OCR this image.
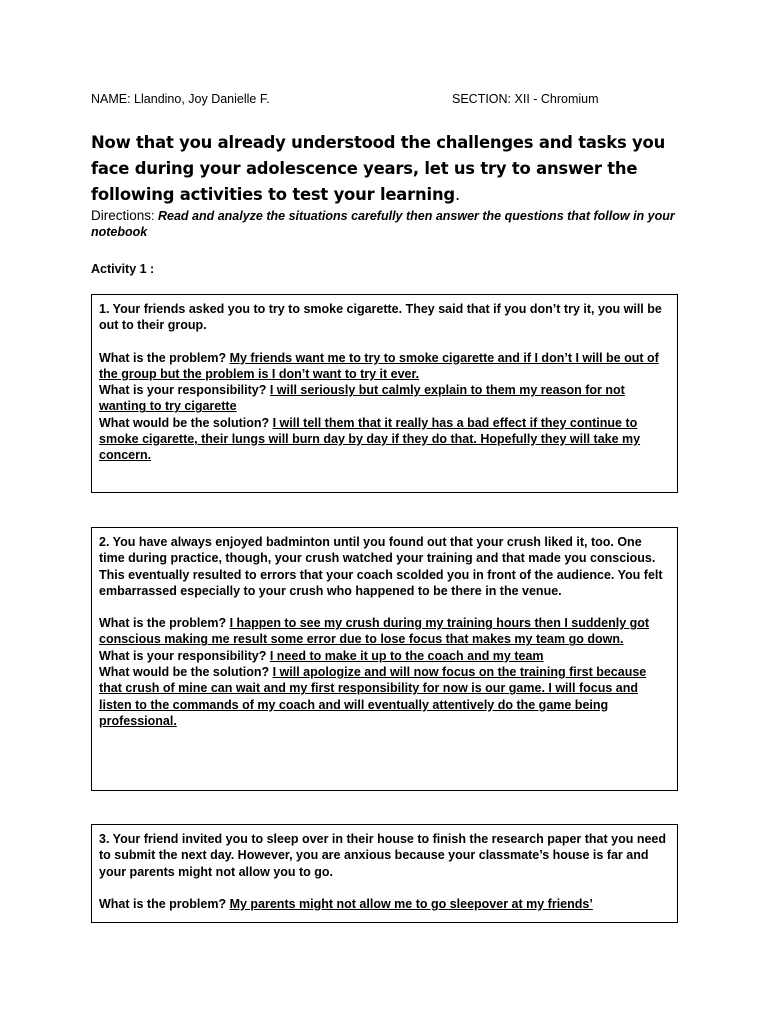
NAME: Llandino, Joy Danielle F.	SECTION: XII - Chromium
Now that you already understood the challenges and tasks you face during your adolescence years, let us try to answer the following activities to test your learning.
Directions: Read and analyze the situations carefully then answer the questions that follow in your notebook
Activity 1 :

1. Your friends asked you to try to smoke cigarette. They said that if you don’t try it, you will be out to their group.

What is the problem? My friends want me to try to smoke cigarette and if I don’t I will be out of the group but the problem is I don’t want to try it ever.

What is your responsibility? I will seriously but calmly explain to them my reason for not wanting to try cigarette

What would be the solution? I will tell them that it really has a bad effect if they continue to smoke cigarette, their lungs will burn day by day if they do that. Hopefully they will take my concern.

2. You have always enjoyed badminton until you found out that your crush liked it, too. One time during practice, though, your crush watched your training and that made you conscious. This eventually resulted to errors that your coach scolded you in front of the audience. You felt embarrassed especially to your crush who happened to be there in the venue.

What is the problem? I happen to see my crush during my training hours then I suddenly got conscious making me result some error due to lose focus that makes my team go down.

What is your responsibility? I need to make it up to the coach and my team

What would be the solution? I will apologize and will now focus on the training first because that crush of mine can wait and my first responsibility for now is our game. I will focus and listen to the commands of my coach and will eventually attentively do the game being professional.

3. Your friend invited you to sleep over in their house to finish the research paper that you need to submit the next day. However, you are anxious because your classmate’s house is far and your parents might not allow you to go.

What is the problem? My parents might not allow me to go sleepover at my friends’
